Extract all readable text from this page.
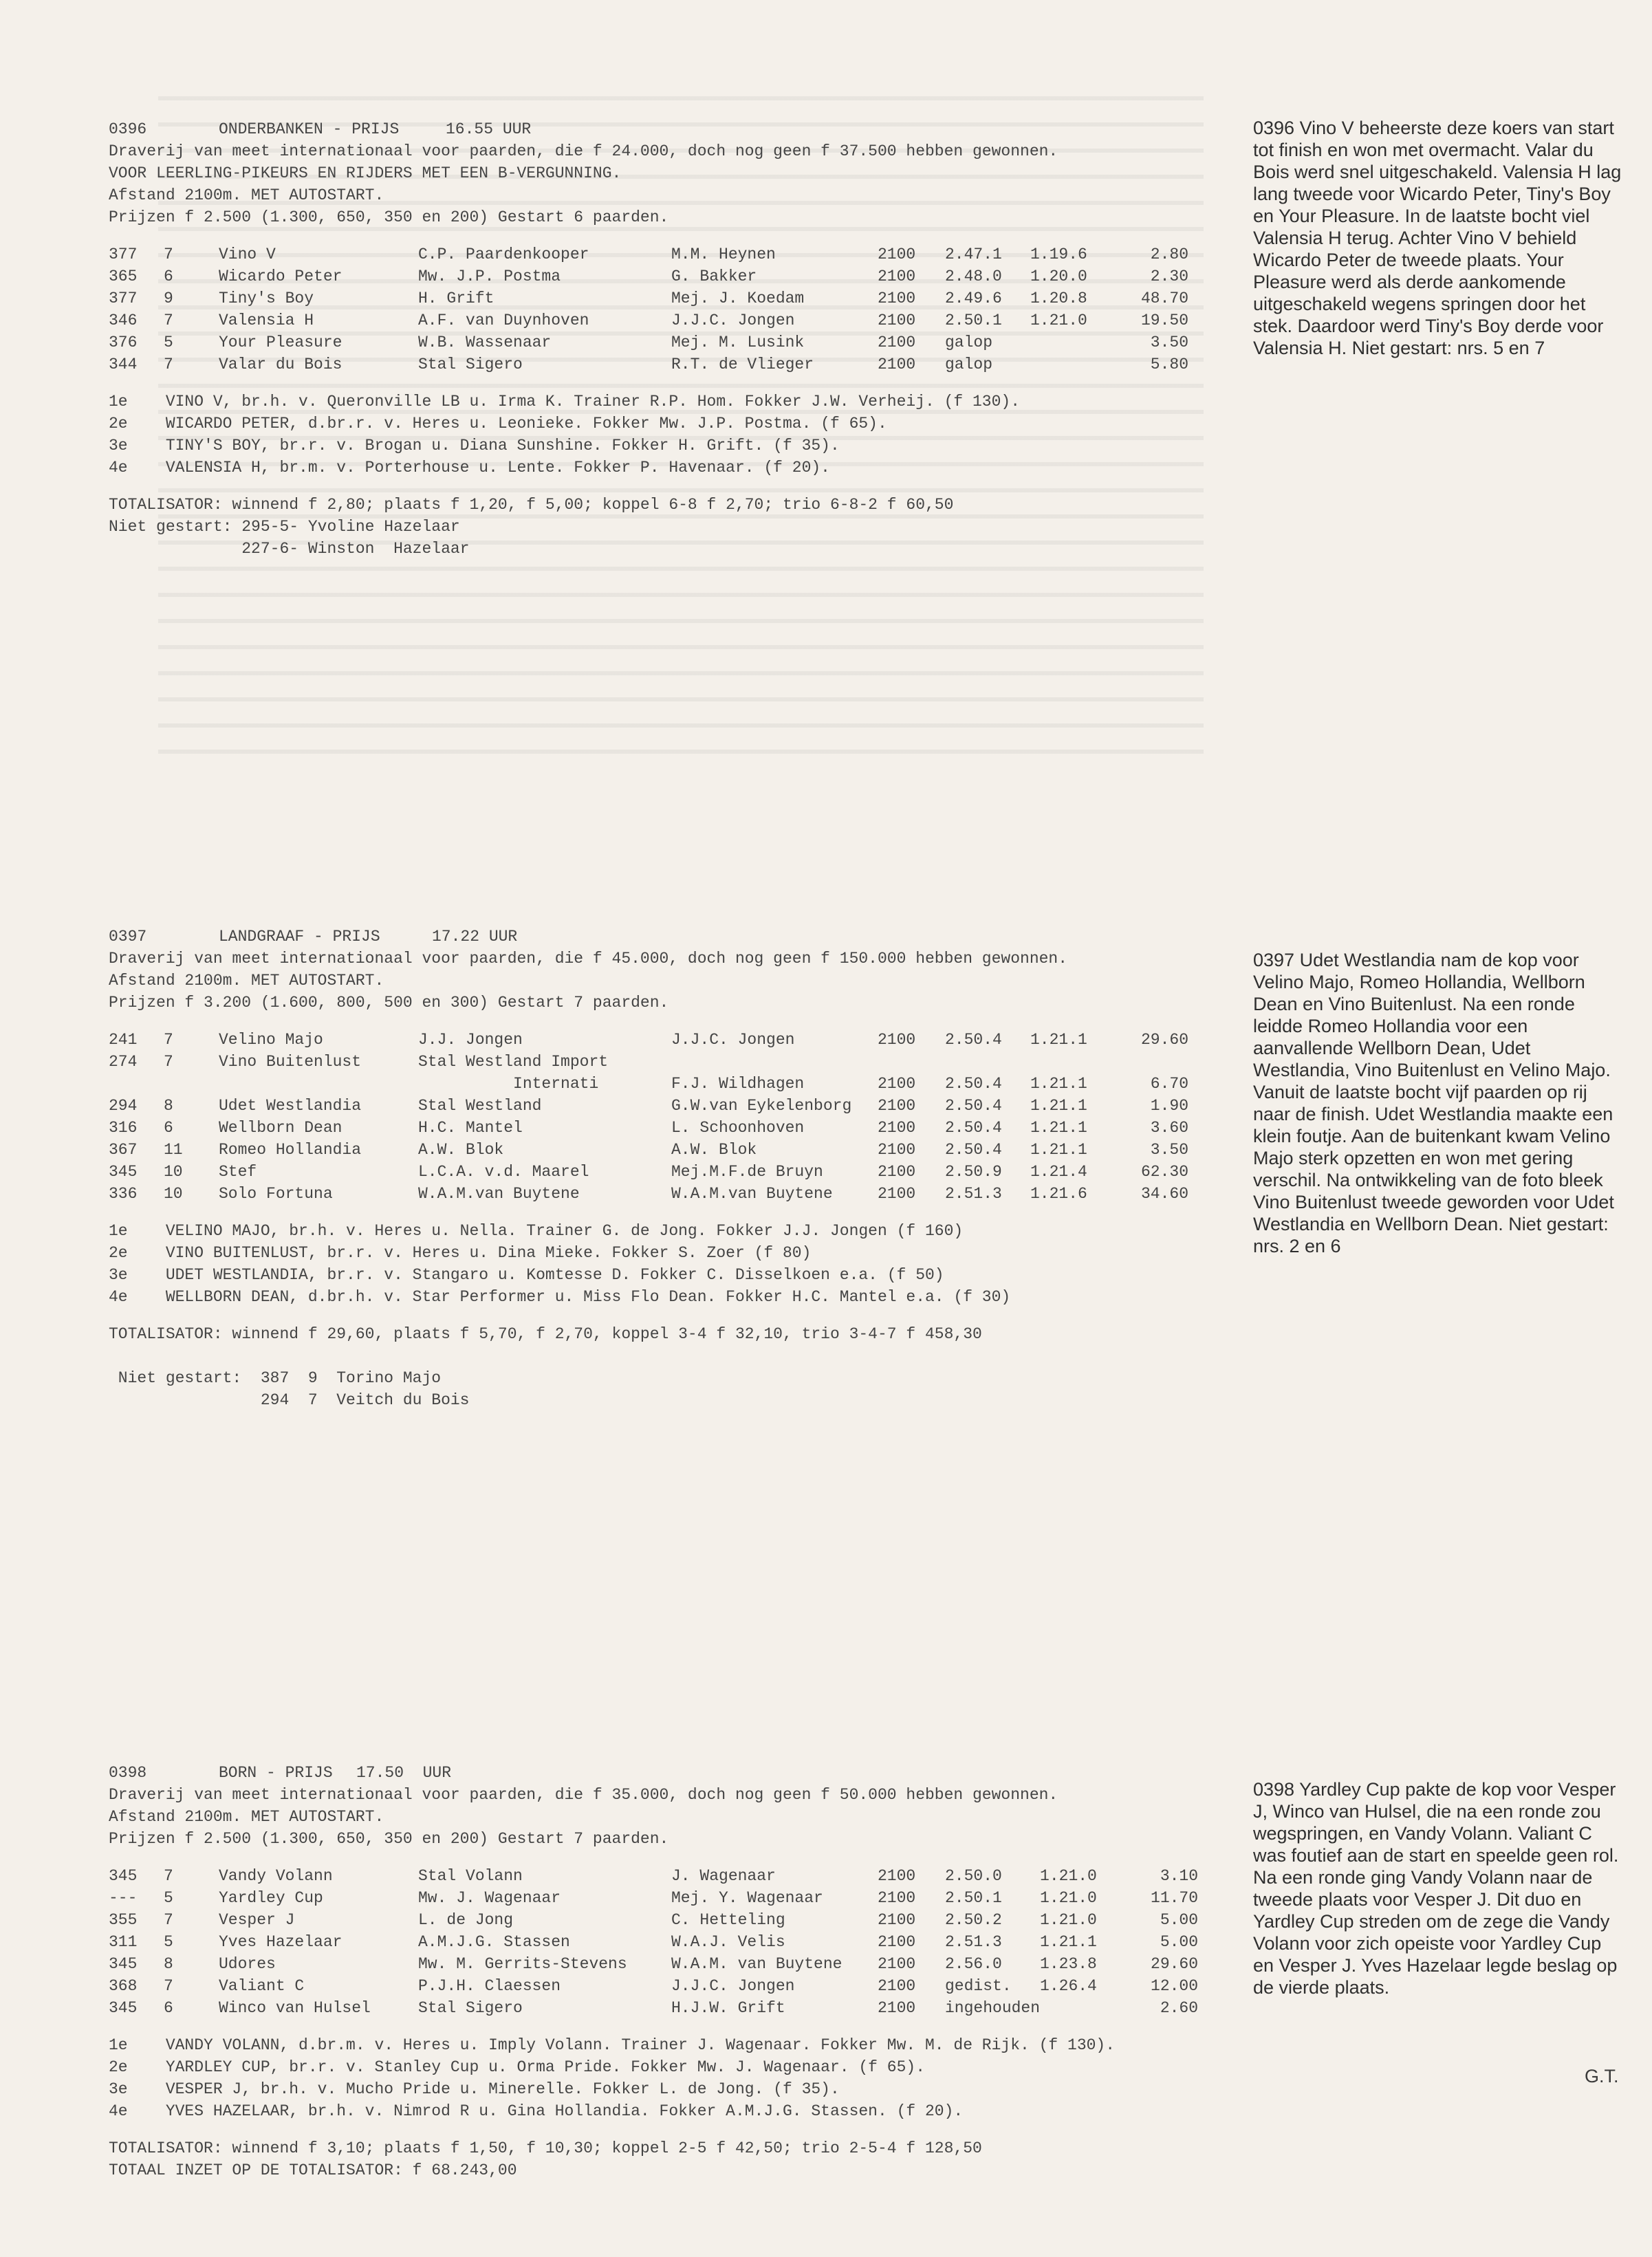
0396	ONDERBANKEN - PRIJS	16.55 UUR
Draverij van meet internationaal voor paarden, die f 24.000, doch nog geen f 37.500 hebben gewonnen.
VOOR LEERLING-PIKEURS EN RIJDERS MET EEN B-VERGUNNING.
Afstand 2100m. MET AUTOSTART.
Prijzen f 2.500 (1.300, 650, 350 en 200) Gestart 6 paarden.
377	7	Vino V	C.P. Paardenkooper	M.M. Heynen	2100	2.47.1	1.19.6	2.80
365	6	Wicardo Peter	Mw. J.P. Postma	G. Bakker	2100	2.48.0	1.20.0	2.30
377	9	Tiny's Boy	H. Grift	Mej. J. Koedam	2100	2.49.6	1.20.8	48.70
346	7	Valensia H	A.F. van Duynhoven	J.J.C. Jongen	2100	2.50.1	1.21.0	19.50
376	5	Your Pleasure	W.B. Wassenaar	Mej. M. Lusink	2100	galop		3.50
344	7	Valar du Bois	Stal Sigero	R.T. de Vlieger	2100	galop		5.80
1e    VINO V, br.h. v. Queronville LB u. Irma K. Trainer R.P. Hom. Fokker J.W. Verheij. (f 130).
2e    WICARDO PETER, d.br.r. v. Heres u. Leonieke. Fokker Mw. J.P. Postma. (f 65).
3e    TINY'S BOY, br.r. v. Brogan u. Diana Sunshine. Fokker H. Grift. (f 35).
4e    VALENSIA H, br.m. v. Porterhouse u. Lente. Fokker P. Havenaar. (f 20).
TOTALISATOR: winnend f 2,80; plaats f 1,20, f 5,00; koppel 6-8 f 2,70; trio 6-8-2 f 60,50
Niet gestart: 295-5- Yvoline Hazelaar
227-6- Winston  Hazelaar
0397	LANDGRAAF - PRIJS	17.22 UUR
Draverij van meet internationaal voor paarden, die f 45.000, doch nog geen f 150.000 hebben gewonnen.
Afstand 2100m. MET AUTOSTART.
Prijzen f 3.200 (1.600, 800, 500 en 300) Gestart 7 paarden.
241	7	Velino Majo	J.J. Jongen	J.J.C. Jongen	2100	2.50.4	1.21.1	29.60
274	7	Vino Buitenlust	Stal Westland Import					
			Internati	F.J. Wildhagen	2100	2.50.4	1.21.1	6.70
294	8	Udet Westlandia	Stal Westland	G.W.van Eykelenborg	2100	2.50.4	1.21.1	1.90
316	6	Wellborn Dean	H.C. Mantel	L. Schoonhoven	2100	2.50.4	1.21.1	3.60
367	11	Romeo Hollandia	A.W. Blok	A.W. Blok	2100	2.50.4	1.21.1	3.50
345	10	Stef	L.C.A. v.d. Maarel	Mej.M.F.de Bruyn	2100	2.50.9	1.21.4	62.30
336	10	Solo Fortuna	W.A.M.van Buytene	W.A.M.van Buytene	2100	2.51.3	1.21.6	34.60
1e    VELINO MAJO, br.h. v. Heres u. Nella. Trainer G. de Jong. Fokker J.J. Jongen (f 160)
2e    VINO BUITENLUST, br.r. v. Heres u. Dina Mieke. Fokker S. Zoer (f 80)
3e    UDET WESTLANDIA, br.r. v. Stangaro u. Komtesse D. Fokker C. Disselkoen e.a. (f 50)
4e    WELLBORN DEAN, d.br.h. v. Star Performer u. Miss Flo Dean. Fokker H.C. Mantel e.a. (f 30)
TOTALISATOR: winnend f 29,60, plaats f 5,70, f 2,70, koppel 3-4 f 32,10, trio 3-4-7 f 458,30
Niet gestart:  387  9  Torino Majo
294  7  Veitch du Bois
0398	BORN - PRIJS 17.50  UUR
Draverij van meet internationaal voor paarden, die f 35.000, doch nog geen f 50.000 hebben gewonnen.
Afstand 2100m. MET AUTOSTART.
Prijzen f 2.500 (1.300, 650, 350 en 200) Gestart 7 paarden.
345	7	Vandy Volann	Stal Volann	J. Wagenaar	2100	2.50.0	1.21.0	3.10
---	5	Yardley Cup	Mw. J. Wagenaar	Mej. Y. Wagenaar	2100	2.50.1	1.21.0	11.70
355	7	Vesper J	L. de Jong	C. Hetteling	2100	2.50.2	1.21.0	5.00
311	5	Yves Hazelaar	A.M.J.G. Stassen	W.A.J. Velis	2100	2.51.3	1.21.1	5.00
345	8	Udores	Mw. M. Gerrits-Stevens	W.A.M. van Buytene	2100	2.56.0	1.23.8	29.60
368	7	Valiant C	P.J.H. Claessen	J.J.C. Jongen	2100	gedist.	1.26.4	12.00
345	6	Winco van Hulsel	Stal Sigero	H.J.W. Grift	2100	ingehouden		2.60
1e    VANDY VOLANN, d.br.m. v. Heres u. Imply Volann. Trainer J. Wagenaar. Fokker Mw. M. de Rijk. (f 130).
2e    YARDLEY CUP, br.r. v. Stanley Cup u. Orma Pride. Fokker Mw. J. Wagenaar. (f 65).
3e    VESPER J, br.h. v. Mucho Pride u. Minerelle. Fokker L. de Jong. (f 35).
4e    YVES HAZELAAR, br.h. v. Nimrod R u. Gina Hollandia. Fokker A.M.J.G. Stassen. (f 20).
TOTALISATOR: winnend f 3,10; plaats f 1,50, f 10,30; koppel 2-5 f 42,50; trio 2-5-4 f 128,50
TOTAAL INZET OP DE TOTALISATOR: f 68.243,00
0396 Vino V beheerste deze koers van start tot finish en won met overmacht. Valar du Bois werd snel uitgeschakeld. Valensia H lag lang tweede voor Wicardo Peter, Tiny's Boy en Your Pleasure. In de laatste bocht viel Valensia H terug. Achter Vino V behield Wicardo Peter de tweede plaats. Your Pleasure werd als derde aankomende uitgeschakeld wegens springen door het stek. Daardoor werd Tiny's Boy derde voor Valensia H. Niet gestart: nrs. 5 en 7
0397 Udet Westlandia nam de kop voor Velino Majo, Romeo Hollandia, Wellborn Dean en Vino Buitenlust. Na een ronde leidde Romeo Hollandia voor een aanvallende Wellborn Dean, Udet Westlandia, Vino Buitenlust en Velino Majo. Vanuit de laatste bocht vijf paarden op rij naar de finish. Udet Westlandia maakte een klein foutje. Aan de buitenkant kwam Velino Majo sterk opzetten en won met gering verschil. Na ontwikkeling van de foto bleek Vino Buitenlust tweede geworden voor Udet Westlandia en Wellborn Dean. Niet gestart: nrs. 2 en 6
0398 Yardley Cup pakte de kop voor Vesper J, Winco van Hulsel, die na een ronde zou wegspringen, en Vandy Volann. Valiant C was foutief aan de start en speelde geen rol. Na een ronde ging Vandy Volann naar de tweede plaats voor Vesper J. Dit duo en Yardley Cup streden om de zege die Vandy Volann voor zich opeiste voor Yardley Cup en Vesper J. Yves Hazelaar legde beslag op de vierde plaats.
G.T.
